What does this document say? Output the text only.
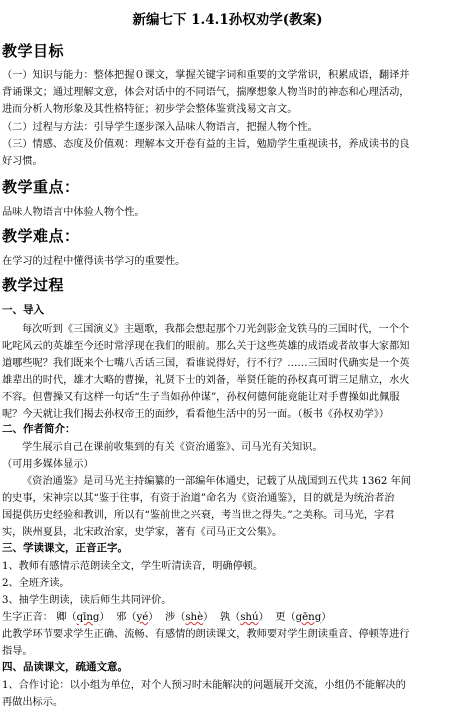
新编七下 1.4.1孙权劝学(教案)
教学目标
（一）知识与能力：整体把握０课文，掌握关键字词和重要的文学常识，积累成语，翻译并
背诵课文；通过理解文意，体会对话中的不同语气，揣摩想象人物当时的神态和心理活动，
进而分析人物形象及其性格特征；初步学会整体鉴赏浅易文言文。
（二）过程与方法：引导学生逐步深入品味人物语言，把握人物个性。
（三）情感、态度及价值观：理解本文开卷有益的主旨，勉励学生重视读书，养成读书的良
好习惯。
教学重点：
品味人物语言中体验人物个性。
教学难点：
在学习的过程中懂得读书学习的重要性。
教学过程
一、导入
每次听到《三国演义》主题歌，我都会想起那个刀光剑影金戈铁马的三国时代，一个个
叱咤风云的英雄至今还时常浮现在我们的眼前。那么关于这些英雄的成语或者故事大家都知
道哪些呢？我们既来个七嘴八舌话三国，看谁说得好，行不行？……三国时代确实是一个英
雄辈出的时代，雄才大略的曹操，礼贤下士的刘备，举贤任能的孙权真可谓三足鼎立，水火
不容。但曹操又有这样一句话“生子当如孙仲谋”，孙权何德何能竟能让对手曹操如此佩服
呢？今天就让我们揭去孙权帝王的面纱，看看他生活中的另一面。（板书《孙权劝学》）
二、作者简介：
学生展示自己在课前收集到的有关《资治通鉴》、司马光有关知识。
（可用多媒体显示）
《资治通鉴》是司马光主持编纂的一部编年体通史，记载了从战国到五代共 1362 年间
的史事，宋神宗以其“鉴于往事，有资于治道”命名为《资治通鉴》，目的就是为统治者治
国提供历史经验和教训，所以有“鉴前世之兴衰，考当世之得失。”之美称。司马光，字君
实，陕州夏县，北宋政治家，史学家，著有《司马正文公集》。
三、学读课文，正音正字。
1、教师有感情示范朗读全文，学生听清读音，明确停顿。
2、全班齐读。
3、抽学生朗读，读后师生共同评价。
生字正音： 卿（qīng） 邪（yé） 涉（shè） 孰（shú） 更（gēng）
此教学环节要求学生正确、流畅、有感情的朗读课文，教师要对学生朗读重音、停顿等进行
指导。
四、品读课文，疏通文意。
1、合作讨论：以小组为单位，对个人预习时未能解决的问题展开交流，小组仍不能解决的
再做出标示。
